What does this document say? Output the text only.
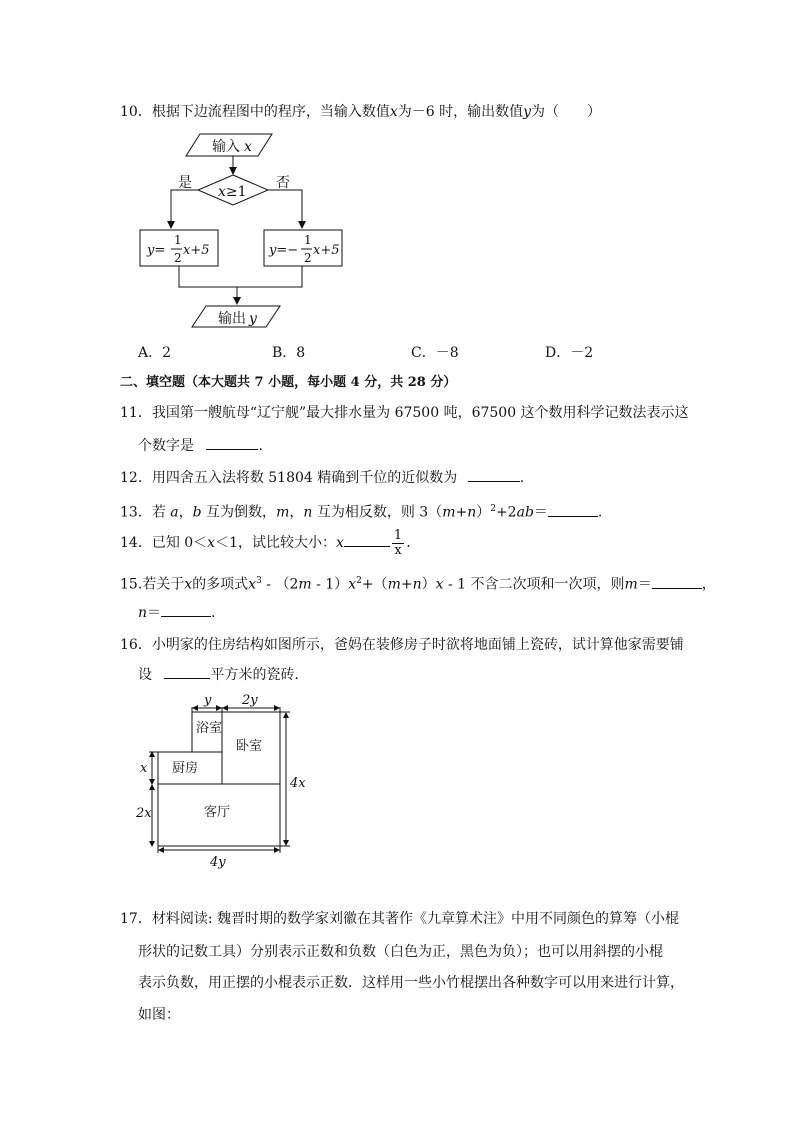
10．根据下边流程图中的程序，当输入数值x为－6 时，输出数值y为（　　）
输入 x
x≥1
是	否
y=
1
2 x+5	y=−
1
2 x+5
输出 y
A．2	B．8	C．－8	D．－2
二、填空题（本大题共 7 小题，每小题 4 分，共 28 分）
11．我国第一艘航母“辽宁舰”最大排水量为 67500 吨，67500 这个数用科学记数法表示这
个数字是	.
12．用四舍五入法将数 51804 精确到千位的近似数为	.
13．若 a，b 互为倒数，m，n 互为相反数，则 $3(m+n)^2+2ab=$	.
14．已知 0＜x＜1，试比较大小：x	$\frac{1}{x}$ .
15.若关于x的多项式$x^3 - (2m - 1)x^2+(m+n)x - 1$ 不含二次项和一次项，则m＝	，
n＝	.
16．小明家的住房结构如图所示，爸妈在装修房子时欲将地面铺上瓷砖，试计算他家需要铺
设	平方米的瓷砖．
浴室
卧室
厨房
客厅
y 2y
x
2x
4x
4y
17．材料阅读: 魏晋时期的数学家刘徽在其著作《九章算术注》中用不同颜色的算筹（小棍
形状的记数工具）分别表示正数和负数（白色为正，黑色为负）；也可以用斜摆的小棍
表示负数，用正摆的小棍表示正数．这样用一些小竹棍摆出各种数字可以用来进行计算，
如图：
